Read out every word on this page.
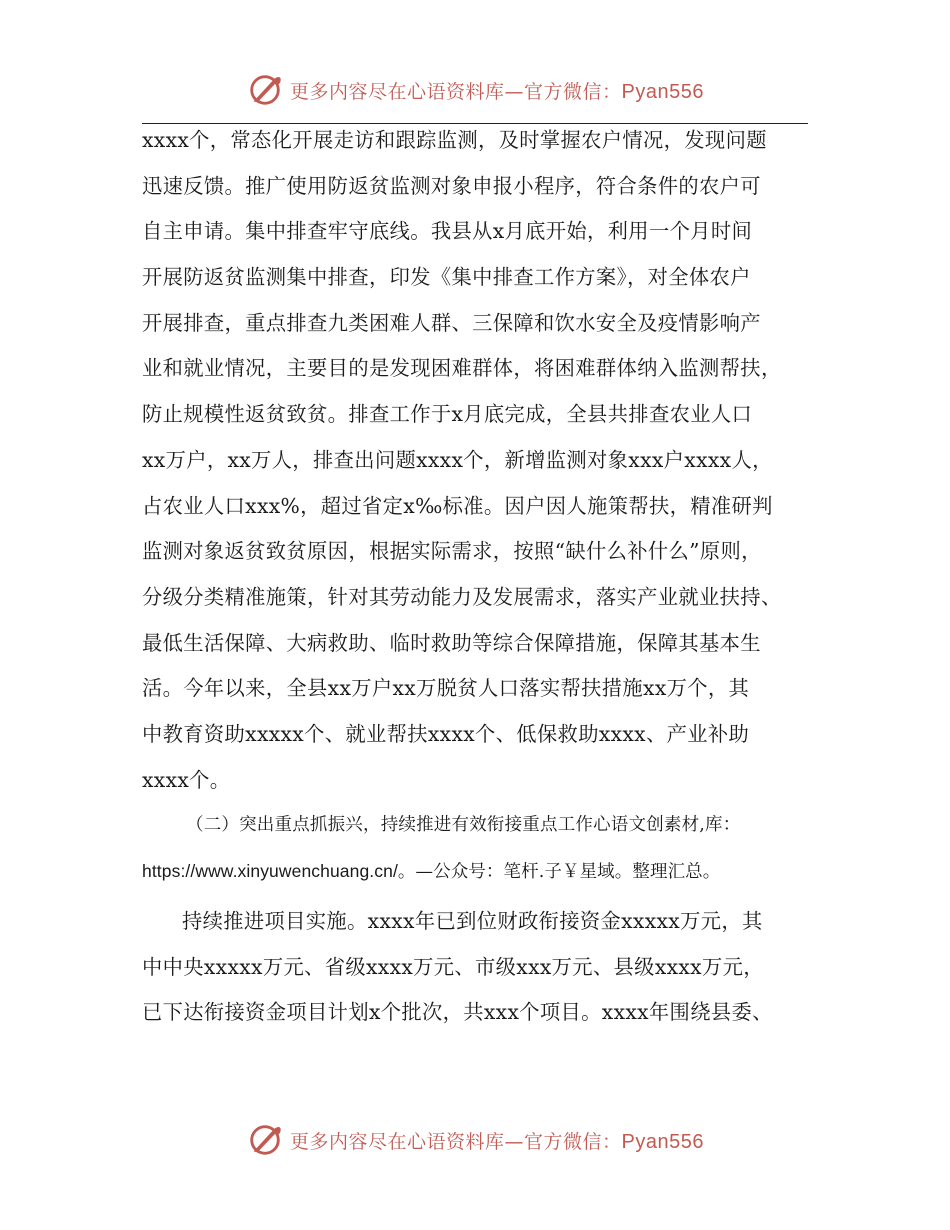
更多内容尽在心语资料库—官方微信：Pyan556
xxxx个，常态化开展走访和跟踪监测，及时掌握农户情况，发现问题
迅速反馈。推广使用防返贫监测对象申报小程序，符合条件的农户可
自主申请。集中排查牢守底线。我县从x月底开始，利用一个月时间
开展防返贫监测集中排查，印发《集中排查工作方案》，对全体农户
开展排查，重点排查九类困难人群、三保障和饮水安全及疫情影响产
业和就业情况，主要目的是发现困难群体，将困难群体纳入监测帮扶，
防止规模性返贫致贫。排查工作于x月底完成，全县共排查农业人口
xx万户，xx万人，排查出问题xxxx个，新增监测对象xxx户xxxx人，
占农业人口xxx%，超过省定x‰标准。因户因人施策帮扶，精准研判
监测对象返贫致贫原因，根据实际需求，按照“缺什么补什么”原则，
分级分类精准施策，针对其劳动能力及发展需求，落实产业就业扶持、
最低生活保障、大病救助、临时救助等综合保障措施，保障其基本生
活。今年以来，全县xx万户xx万脱贫人口落实帮扶措施xx万个，其
中教育资助xxxxx个、就业帮扶xxxx个、低保救助xxxx、产业补助
xxxx个。
（二）突出重点抓振兴，持续推进有效衔接重点工作心语文创素材,库：
https://www.xinyuwenchuang.cn/。—公众号：笔杆.子￥星域。整理汇总。
持续推进项目实施。xxxx年已到位财政衔接资金xxxxx万元，其
中中央xxxxx万元、省级xxxx万元、市级xxx万元、县级xxxx万元，
已下达衔接资金项目计划x个批次，共xxx个项目。xxxx年围绕县委、
更多内容尽在心语资料库—官方微信：Pyan556
